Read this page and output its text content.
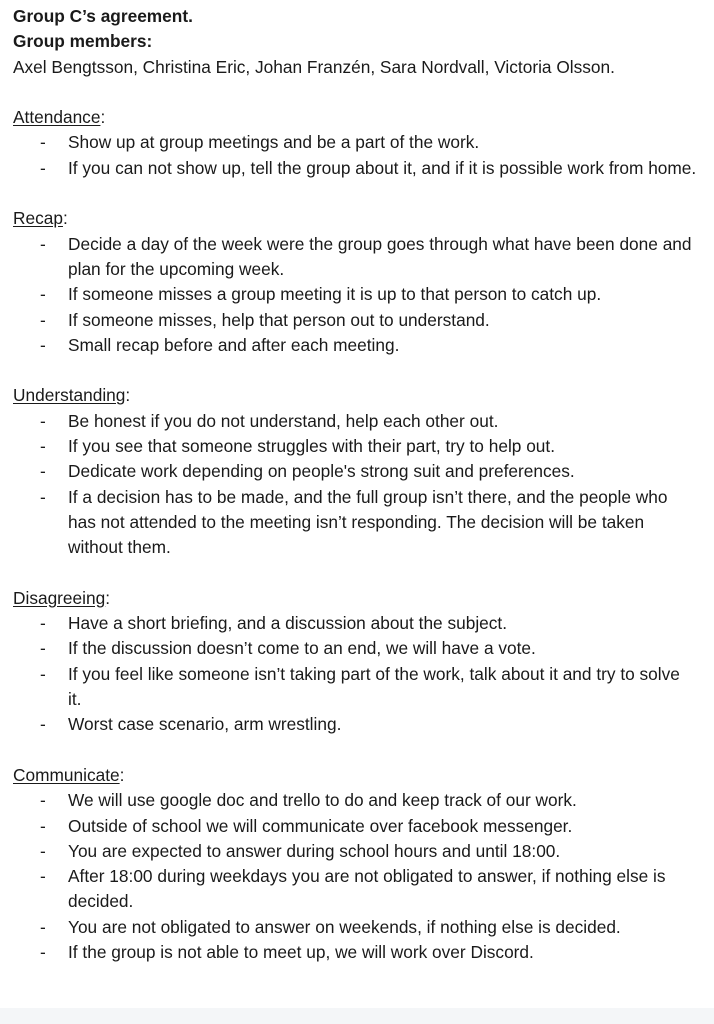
Group C’s agreement.

Group members:

Axel Bengtsson, Christina Eric, Johan Franzén, Sara Nordvall, Victoria Olsson.

Attendance:

- Show up at group meetings and be a part of the work.
- If you can not show up, tell the group about it, and if it is possible work from home.

Recap:

- Decide a day of the week were the group goes through what have been done and plan for the upcoming week.
- If someone misses a group meeting it is up to that person to catch up.
- If someone misses, help that person out to understand.
- Small recap before and after each meeting.

Understanding:

- Be honest if you do not understand, help each other out.
- If you see that someone struggles with their part, try to help out.
- Dedicate work depending on people's strong suit and preferences.
- If a decision has to be made, and the full group isn’t there, and the people who has not attended to the meeting isn’t responding. The decision will be taken without them.

Disagreeing:

- Have a short briefing, and a discussion about the subject.
- If the discussion doesn’t come to an end, we will have a vote.
- If you feel like someone isn’t taking part of the work, talk about it and try to solve it.
- Worst case scenario, arm wrestling.

Communicate:

- We will use google doc and trello to do and keep track of our work.
- Outside of school we will communicate over facebook messenger.
- You are expected to answer during school hours and until 18:00.
- After 18:00 during weekdays you are not obligated to answer, if nothing else is decided.
- You are not obligated to answer on weekends, if nothing else is decided.
- If the group is not able to meet up, we will work over Discord.
